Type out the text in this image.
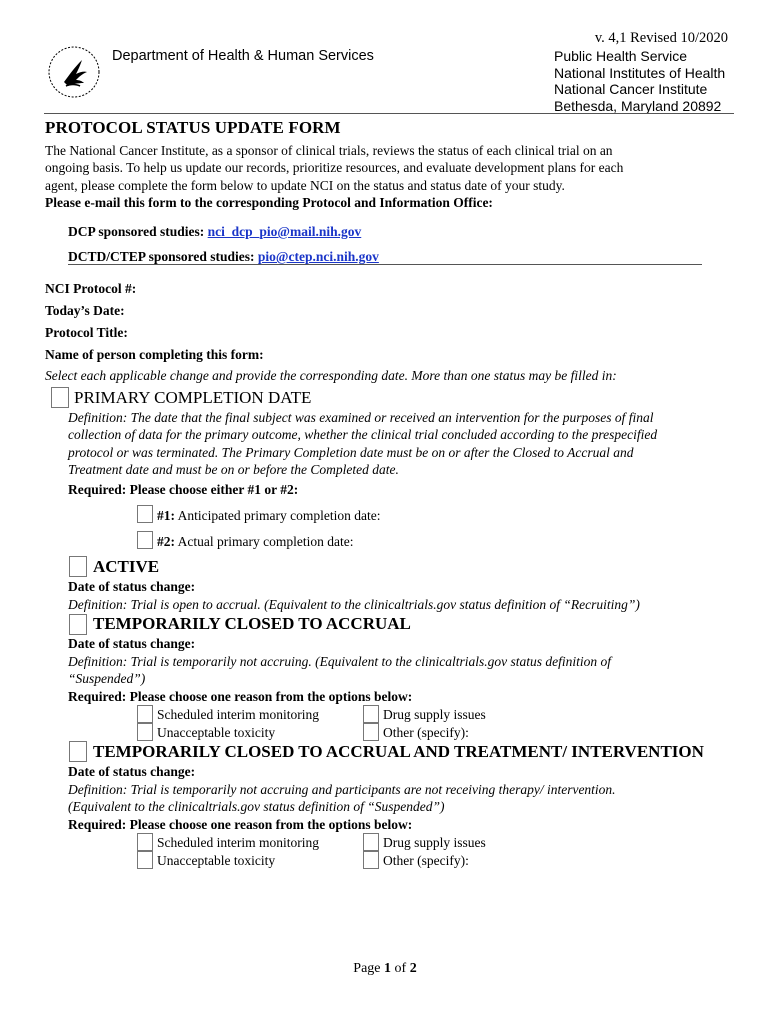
v. 4,1 Revised 10/2020
Department of Health & Human Services	Public Health Service
National Institutes of Health
National Cancer Institute
Bethesda, Maryland 20892
PROTOCOL STATUS UPDATE FORM
The National Cancer Institute, as a sponsor of clinical trials, reviews the status of each clinical trial on an
ongoing basis. To help us update our records, prioritize resources, and evaluate development plans for each
agent, please complete the form below to update NCI on the status and status date of your study.
Please e-mail this form to the corresponding Protocol and Information Office:
DCP sponsored studies: nci_dcp_pio@mail.nih.gov
DCTD/CTEP sponsored studies: pio@ctep.nci.nih.gov
NCI Protocol #:
Today’s Date:
Protocol Title:
Name of person completing this form:
Select each applicable change and provide the corresponding date. More than one status may be filled in:
PRIMARY COMPLETION DATE
Definition: The date that the final subject was examined or received an intervention for the purposes of final
collection of data for the primary outcome, whether the clinical trial concluded according to the prespecified
protocol or was terminated. The Primary Completion date must be on or after the Closed to Accrual and
Treatment date and must be on or before the Completed date.
Required: Please choose either #1 or #2:
#1: Anticipated primary completion date:
#2: Actual primary completion date:
ACTIVE
Date of status change:
Definition: Trial is open to accrual. (Equivalent to the clinicaltrials.gov status definition of “Recruiting”)
TEMPORARILY CLOSED TO ACCRUAL
Date of status change:
Definition: Trial is temporarily not accruing. (Equivalent to the clinicaltrials.gov status definition of
“Suspended”)
Required: Please choose one reason from the options below:
Scheduled interim monitoring	Drug supply issues
Unacceptable toxicity	Other (specify):
TEMPORARILY CLOSED TO ACCRUAL AND TREATMENT/ INTERVENTION
Date of status change:
Definition: Trial is temporarily not accruing and participants are not receiving therapy/ intervention.
(Equivalent to the clinicaltrials.gov status definition of “Suspended”)
Required: Please choose one reason from the options below:
Scheduled interim monitoring	Drug supply issues
Unacceptable toxicity	Other (specify):
Page 1 of 2
